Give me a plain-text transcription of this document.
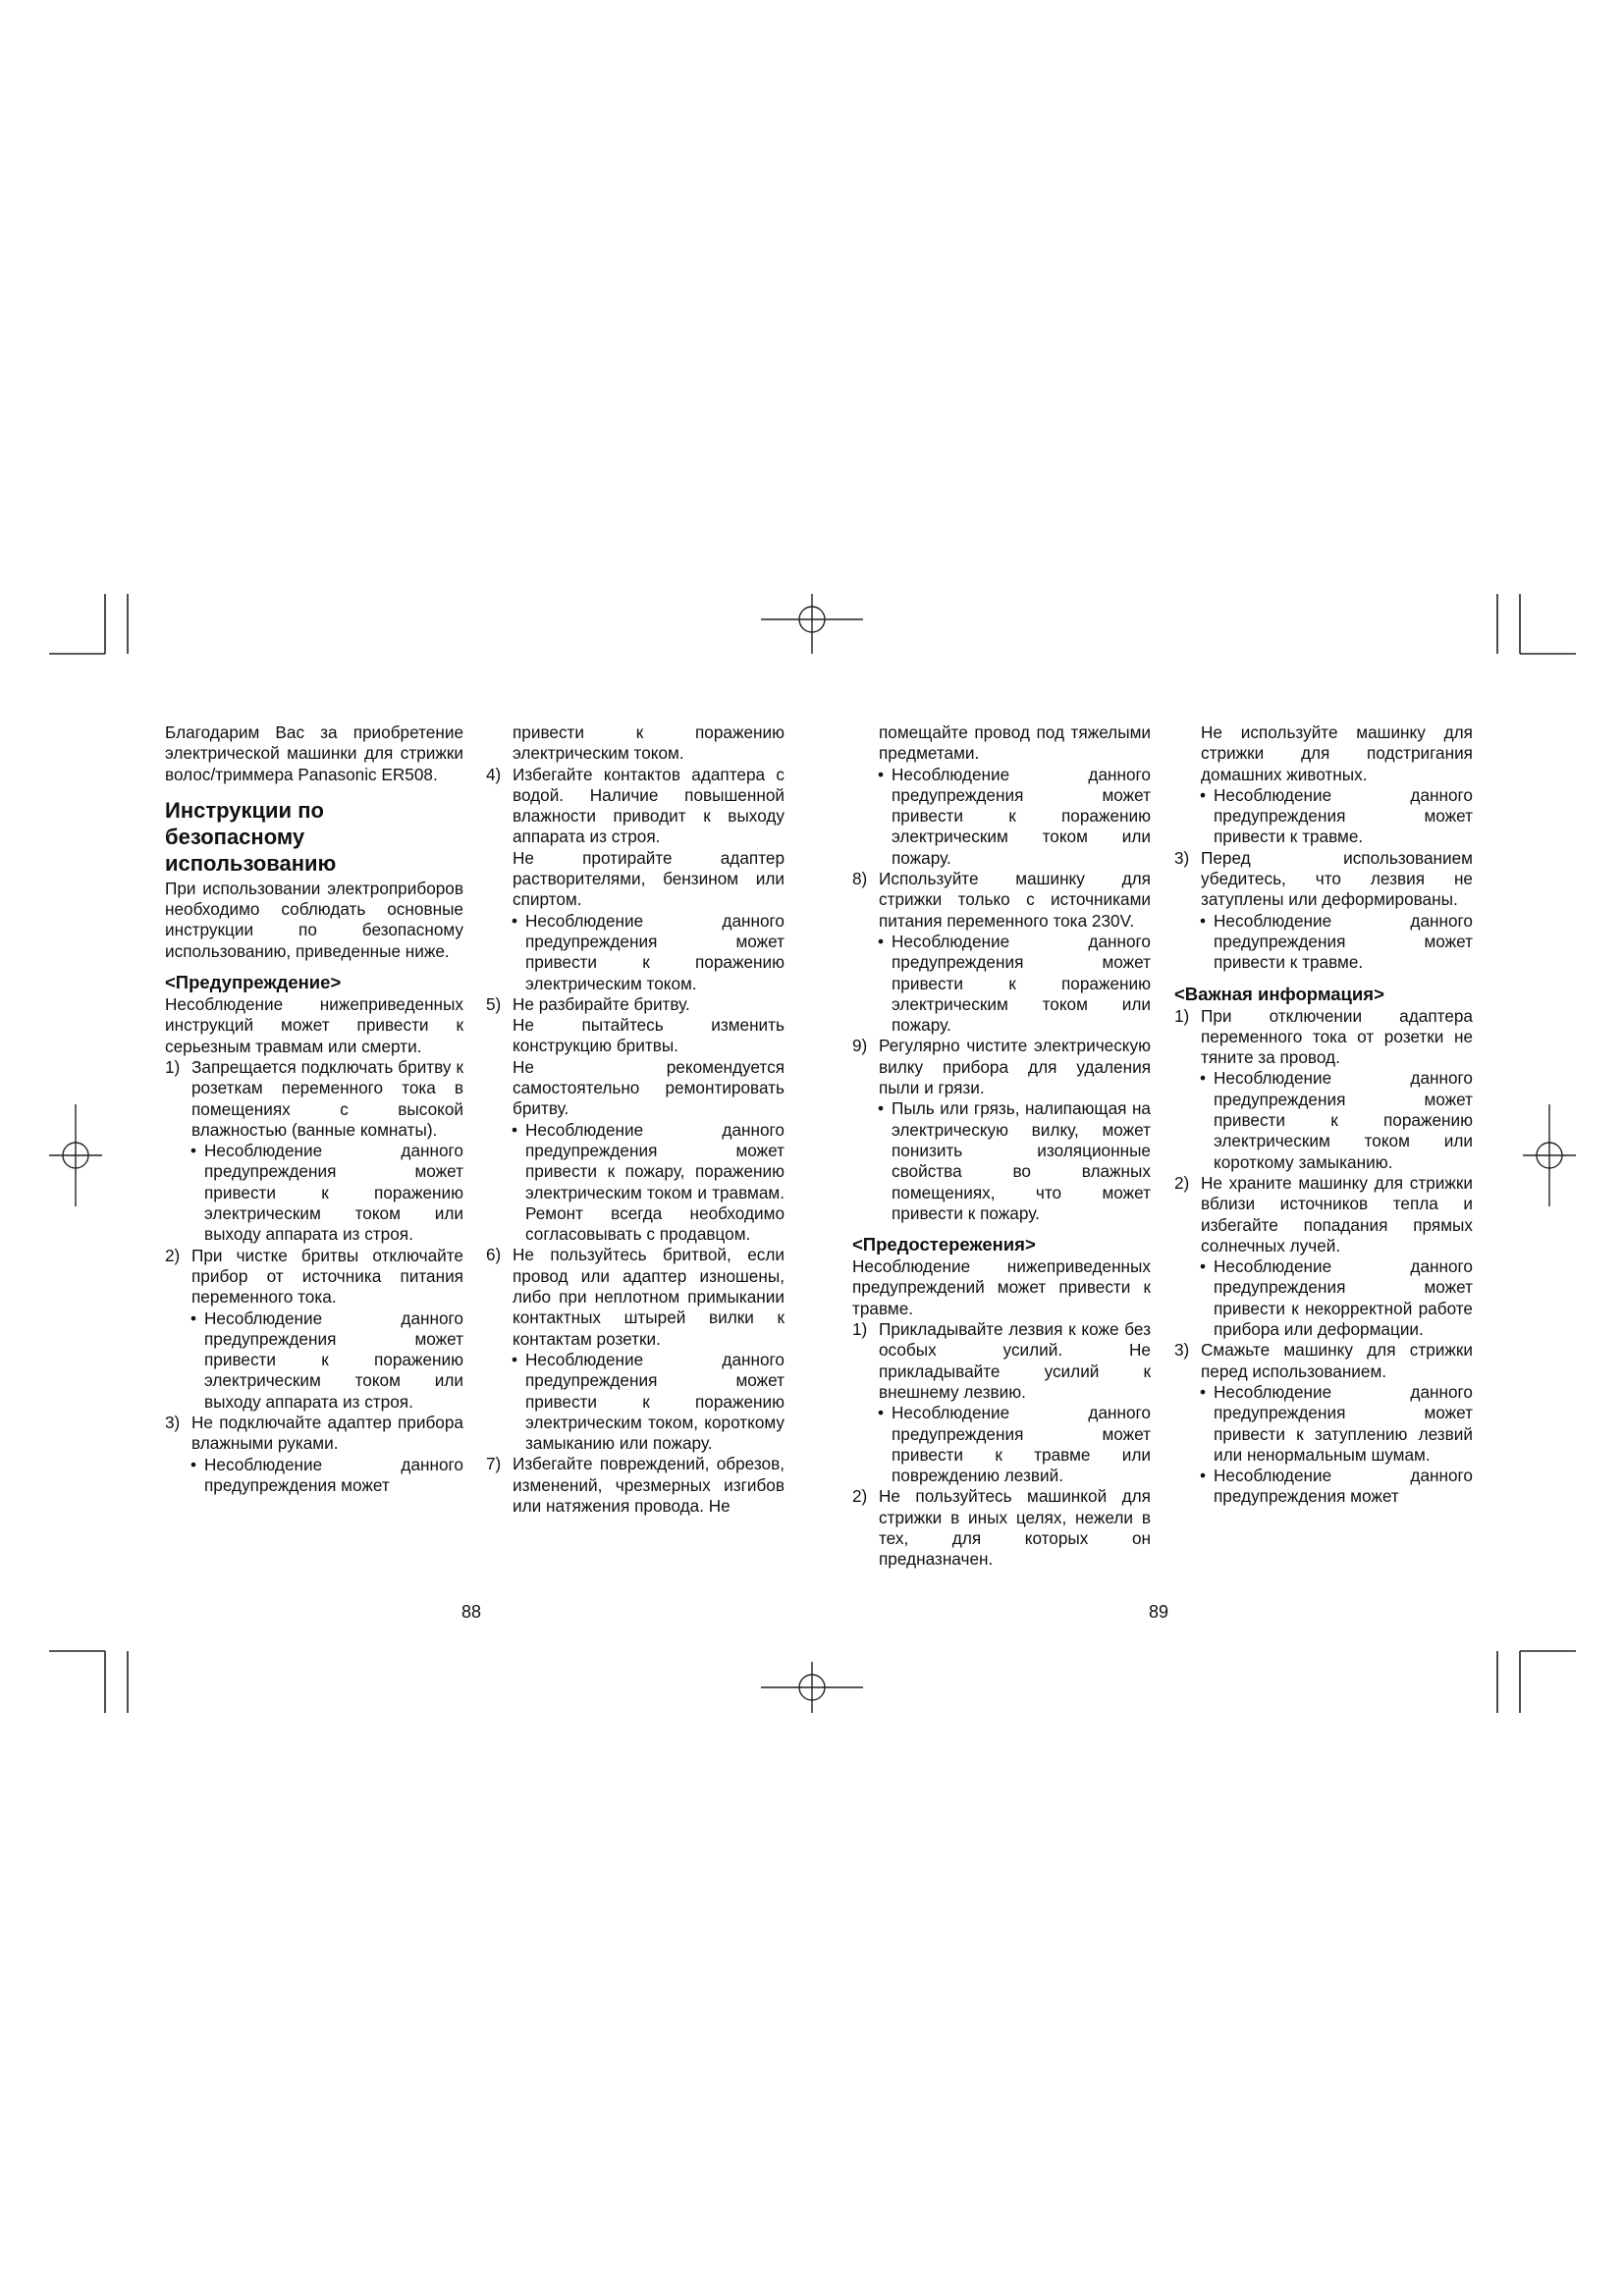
Благодарим Вас за приобретение электрической машинки для стрижки волос/триммера Panasonic ER508.

Инструкции по безопасному использованию

При использовании электроприборов необходимо соблюдать основные инструкции по безопасному использованию, приведенные ниже.

<Предупреждение>

Несоблюдение нижеприведенных инструкций может привести к серьезным травмам или смерти.

1) Запрещается подключать бритву к розеткам переменного тока в помещениях с высокой влажностью (ванные комнаты).
• Несоблюдение данного предупреждения может привести к поражению электрическим током или выходу аппарата из строя.
2) При чистке бритвы отключайте прибор от источника питания переменного тока.
• Несоблюдение данного предупреждения может привести к поражению электрическим током или выходу аппарата из строя.
3) Не подключайте адаптер прибора влажными руками.
• Несоблюдение данного предупреждения может

привести к поражению электрическим током.

4) Избегайте контактов адаптера с водой. Наличие повышенной влажности приводит к выходу аппарата из строя.

Не протирайте адаптер растворителями, бензином или спиртом.

• Несоблюдение данного предупреждения может привести к поражению электрическим током.
5) Не разбирайте бритву.

Не пытайтесь изменить конструкцию бритвы.

Не рекомендуется самостоятельно ремонтировать бритву.

• Несоблюдение данного предупреждения может привести к пожару, поражению электрическим током и травмам. Ремонт всегда необходимо согласовывать с продавцом.
6) Не пользуйтесь бритвой, если провод или адаптер изношены, либо при неплотном примыкании контактных штырей вилки к контактам розетки.
• Несоблюдение данного предупреждения может привести к поражению электрическим током, короткому замыканию или пожару.
7) Избегайте повреждений, обрезов, изменений, чрезмерных изгибов или натяжения провода. Не
88

помещайте провод под тяжелыми предметами.

• Несоблюдение данного предупреждения может привести к поражению электрическим током или пожару.
8) Используйте машинку для стрижки только с источниками питания переменного тока 230V.
• Несоблюдение данного предупреждения может привести к поражению электрическим током или пожару.
9) Регулярно чистите электрическую вилку прибора для удаления пыли и грязи.
• Пыль или грязь, налипающая на электрическую вилку, может понизить изоляционные свойства во влажных помещениях, что может привести к пожару.
<Предостережения>

Несоблюдение нижеприведенных предупреждений может привести к травме.

1) Прикладывайте лезвия к коже без особых усилий. Не прикладывайте усилий к внешнему лезвию.
• Несоблюдение данного предупреждения может привести к травме или повреждению лезвий.
2) Не пользуйтесь машинкой для стрижки в иных целях, нежели в тех, для которых он предназначен.

Не используйте машинку для стрижки для подстригания домашних животных.

• Несоблюдение данного предупреждения может привести к травме.
3) Перед использованием убедитесь, что лезвия не затуплены или деформированы.
• Несоблюдение данного предупреждения может привести к травме.
<Важная информация>
1) При отключении адаптера переменного тока от розетки не тяните за провод.
• Несоблюдение данного предупреждения может привести к поражению электрическим током или короткому замыканию.
2) Не храните машинку для стрижки вблизи источников тепла и избегайте попадания прямых солнечных лучей.
• Несоблюдение данного предупреждения может привести к некорректной работе прибора или деформации.
3) Смажьте машинку для стрижки перед использованием.
• Несоблюдение данного предупреждения может привести к затуплению лезвий или ненормальным шумам.
• Несоблюдение данного предупреждения может
89
